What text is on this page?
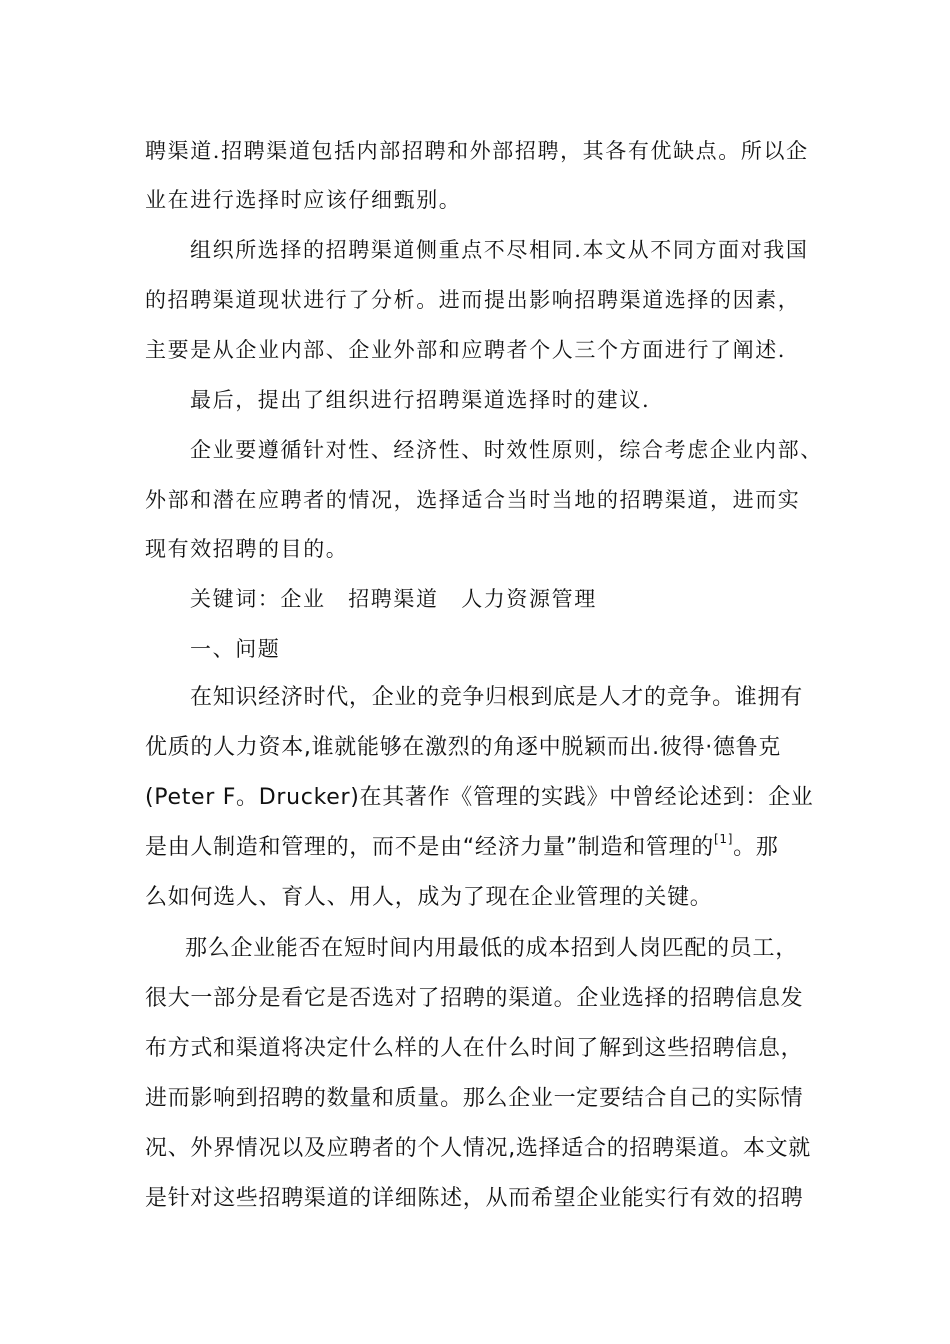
聘渠道.招聘渠道包括内部招聘和外部招聘，其各有优缺点。所以企
业在进行选择时应该仔细甄别。
组织所选择的招聘渠道侧重点不尽相同.本文从不同方面对我国
的招聘渠道现状进行了分析。进而提出影响招聘渠道选择的因素，
主要是从企业内部、企业外部和应聘者个人三个方面进行了阐述.
最后，提出了组织进行招聘渠道选择时的建议.
企业要遵循针对性、经济性、时效性原则，综合考虑企业内部、
外部和潜在应聘者的情况，选择适合当时当地的招聘渠道，进而实
现有效招聘的目的。
关键词：企业　招聘渠道　人力资源管理
一、问题
在知识经济时代，企业的竞争归根到底是人才的竞争。谁拥有
优质的人力资本,谁就能够在激烈的角逐中脱颖而出.彼得·德鲁克
(Peter F。Drucker)在其著作《管理的实践》中曾经论述到：企业
是由人制造和管理的，而不是由“经济力量”制造和管理的[1]。那
么如何选人、育人、用人，成为了现在企业管理的关键。
那么企业能否在短时间内用最低的成本招到人岗匹配的员工，
很大一部分是看它是否选对了招聘的渠道。企业选择的招聘信息发
布方式和渠道将决定什么样的人在什么时间了解到这些招聘信息，
进而影响到招聘的数量和质量。那么企业一定要结合自己的实际情
况、外界情况以及应聘者的个人情况,选择适合的招聘渠道。本文就
是针对这些招聘渠道的详细陈述，从而希望企业能实行有效的招聘
